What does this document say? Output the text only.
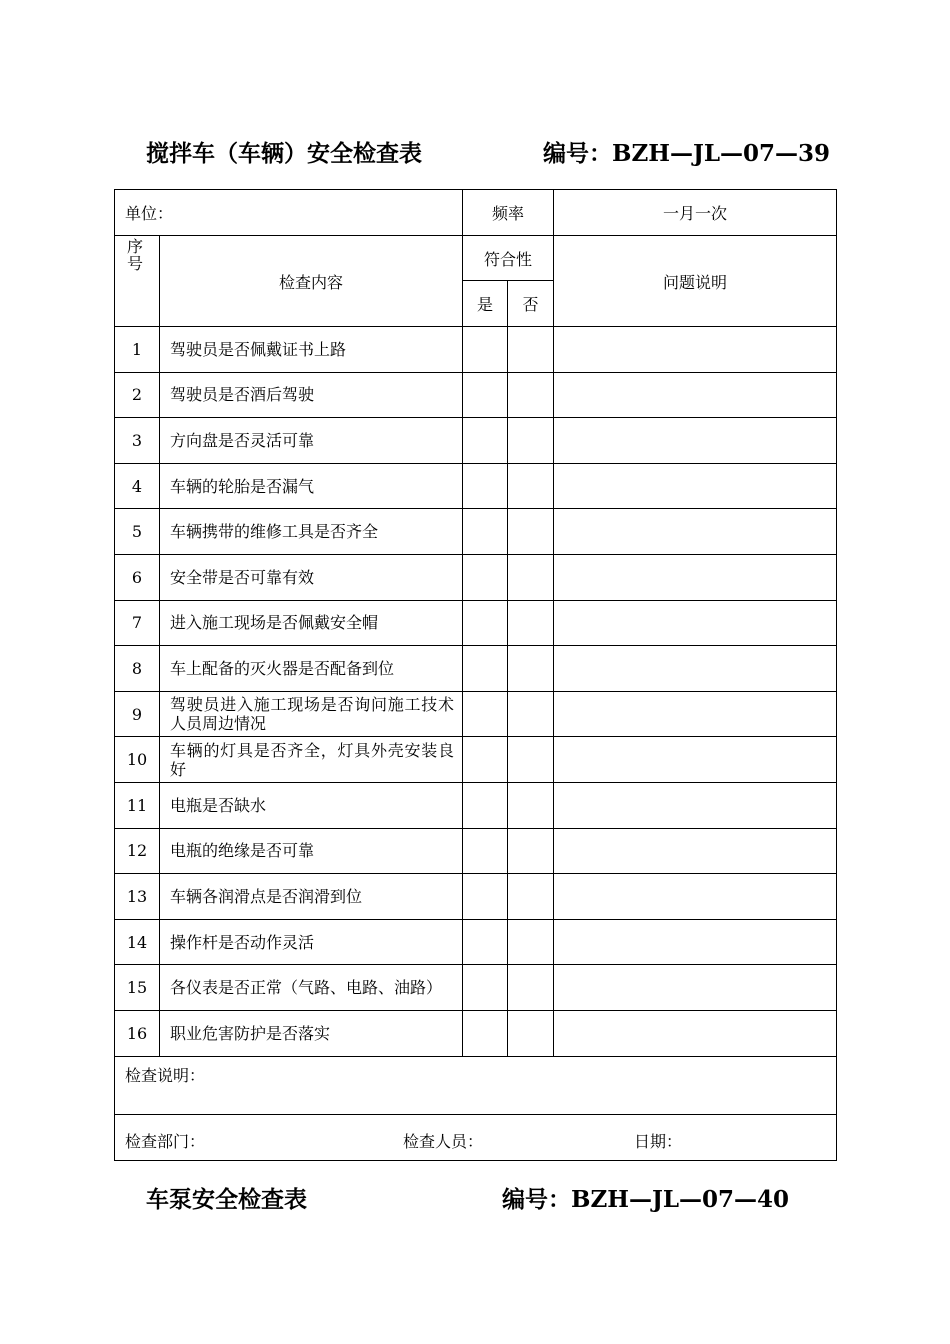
搅拌车（车辆）安全检查表	编号：BZH—JL—07—39
单位：		频率		一月一次

序号	检查内容	符合性		问题说明
		是	否	
1	驾驶员是否佩戴证书上路			
2	驾驶员是否酒后驾驶			
3	方向盘是否灵活可靠			
4	车辆的轮胎是否漏气			
5	车辆携带的维修工具是否齐全			
6	安全带是否可靠有效			
7	进入施工现场是否佩戴安全帽			
8	车上配备的灭火器是否配备到位			
9	驾驶员进入施工现场是否询问施工技术人员周边情况			
10	车辆的灯具是否齐全，灯具外壳安装良好			
11	电瓶是否缺水			
12	电瓶的绝缘是否可靠			
13	车辆各润滑点是否润滑到位			
14	操作杆是否动作灵活			
15	各仪表是否正常（气路、电路、油路）			
16	职业危害防护是否落实			
检查说明：				

检查部门： 检查人员： 日期：				
车泵安全检查表	编号：BZH—JL—07—40
